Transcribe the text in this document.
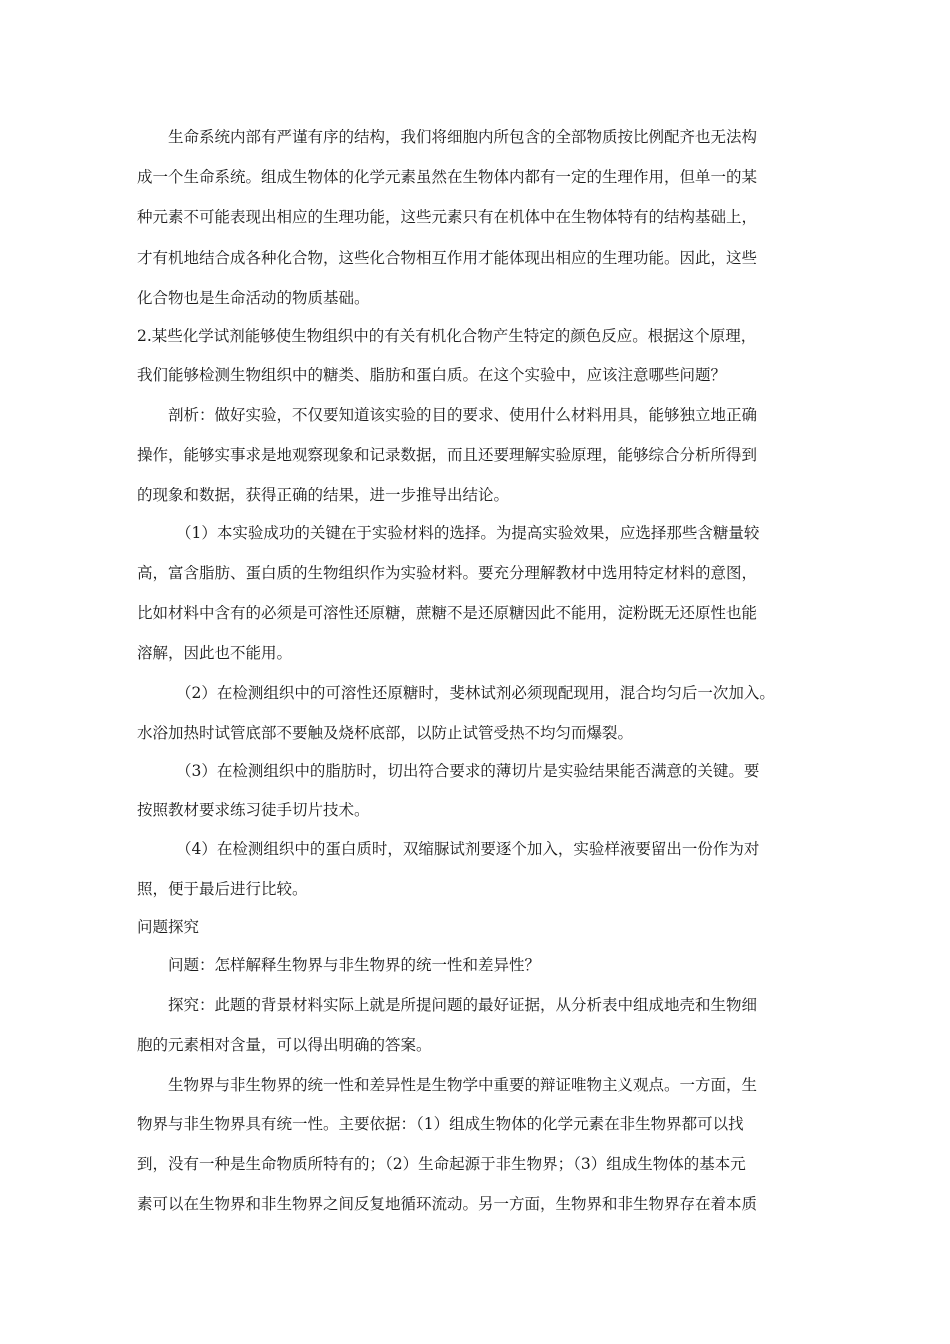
生命系统内部有严谨有序的结构，我们将细胞内所包含的全部物质按比例配齐也无法构
成一个生命系统。组成生物体的化学元素虽然在生物体内都有一定的生理作用，但单一的某
种元素不可能表现出相应的生理功能，这些元素只有在机体中在生物体特有的结构基础上，
才有机地结合成各种化合物，这些化合物相互作用才能体现出相应的生理功能。因此，这些
化合物也是生命活动的物质基础。
2.某些化学试剂能够使生物组织中的有关有机化合物产生特定的颜色反应。根据这个原理，
我们能够检测生物组织中的糖类、脂肪和蛋白质。在这个实验中，应该注意哪些问题？
剖析：做好实验，不仅要知道该实验的目的要求、使用什么材料用具，能够独立地正确
操作，能够实事求是地观察现象和记录数据，而且还要理解实验原理，能够综合分析所得到
的现象和数据，获得正确的结果，进一步推导出结论。
（1）本实验成功的关键在于实验材料的选择。为提高实验效果，应选择那些含糖量较
高，富含脂肪、蛋白质的生物组织作为实验材料。要充分理解教材中选用特定材料的意图，
比如材料中含有的必须是可溶性还原糖，蔗糖不是还原糖因此不能用，淀粉既无还原性也能
溶解，因此也不能用。
（2）在检测组织中的可溶性还原糖时，斐林试剂必须现配现用，混合均匀后一次加入。
水浴加热时试管底部不要触及烧杯底部，以防止试管受热不均匀而爆裂。
（3）在检测组织中的脂肪时，切出符合要求的薄切片是实验结果能否满意的关键。要
按照教材要求练习徒手切片技术。
（4）在检测组织中的蛋白质时，双缩脲试剂要逐个加入，实验样液要留出一份作为对
照，便于最后进行比较。
问题探究
问题：怎样解释生物界与非生物界的统一性和差异性？
探究：此题的背景材料实际上就是所提问题的最好证据，从分析表中组成地壳和生物细
胞的元素相对含量，可以得出明确的答案。
生物界与非生物界的统一性和差异性是生物学中重要的辩证唯物主义观点。一方面，生
物界与非生物界具有统一性。主要依据：（1）组成生物体的化学元素在非生物界都可以找
到，没有一种是生命物质所特有的；（2）生命起源于非生物界；（3）组成生物体的基本元
素可以在生物界和非生物界之间反复地循环流动。另一方面，生物界和非生物界存在着本质
